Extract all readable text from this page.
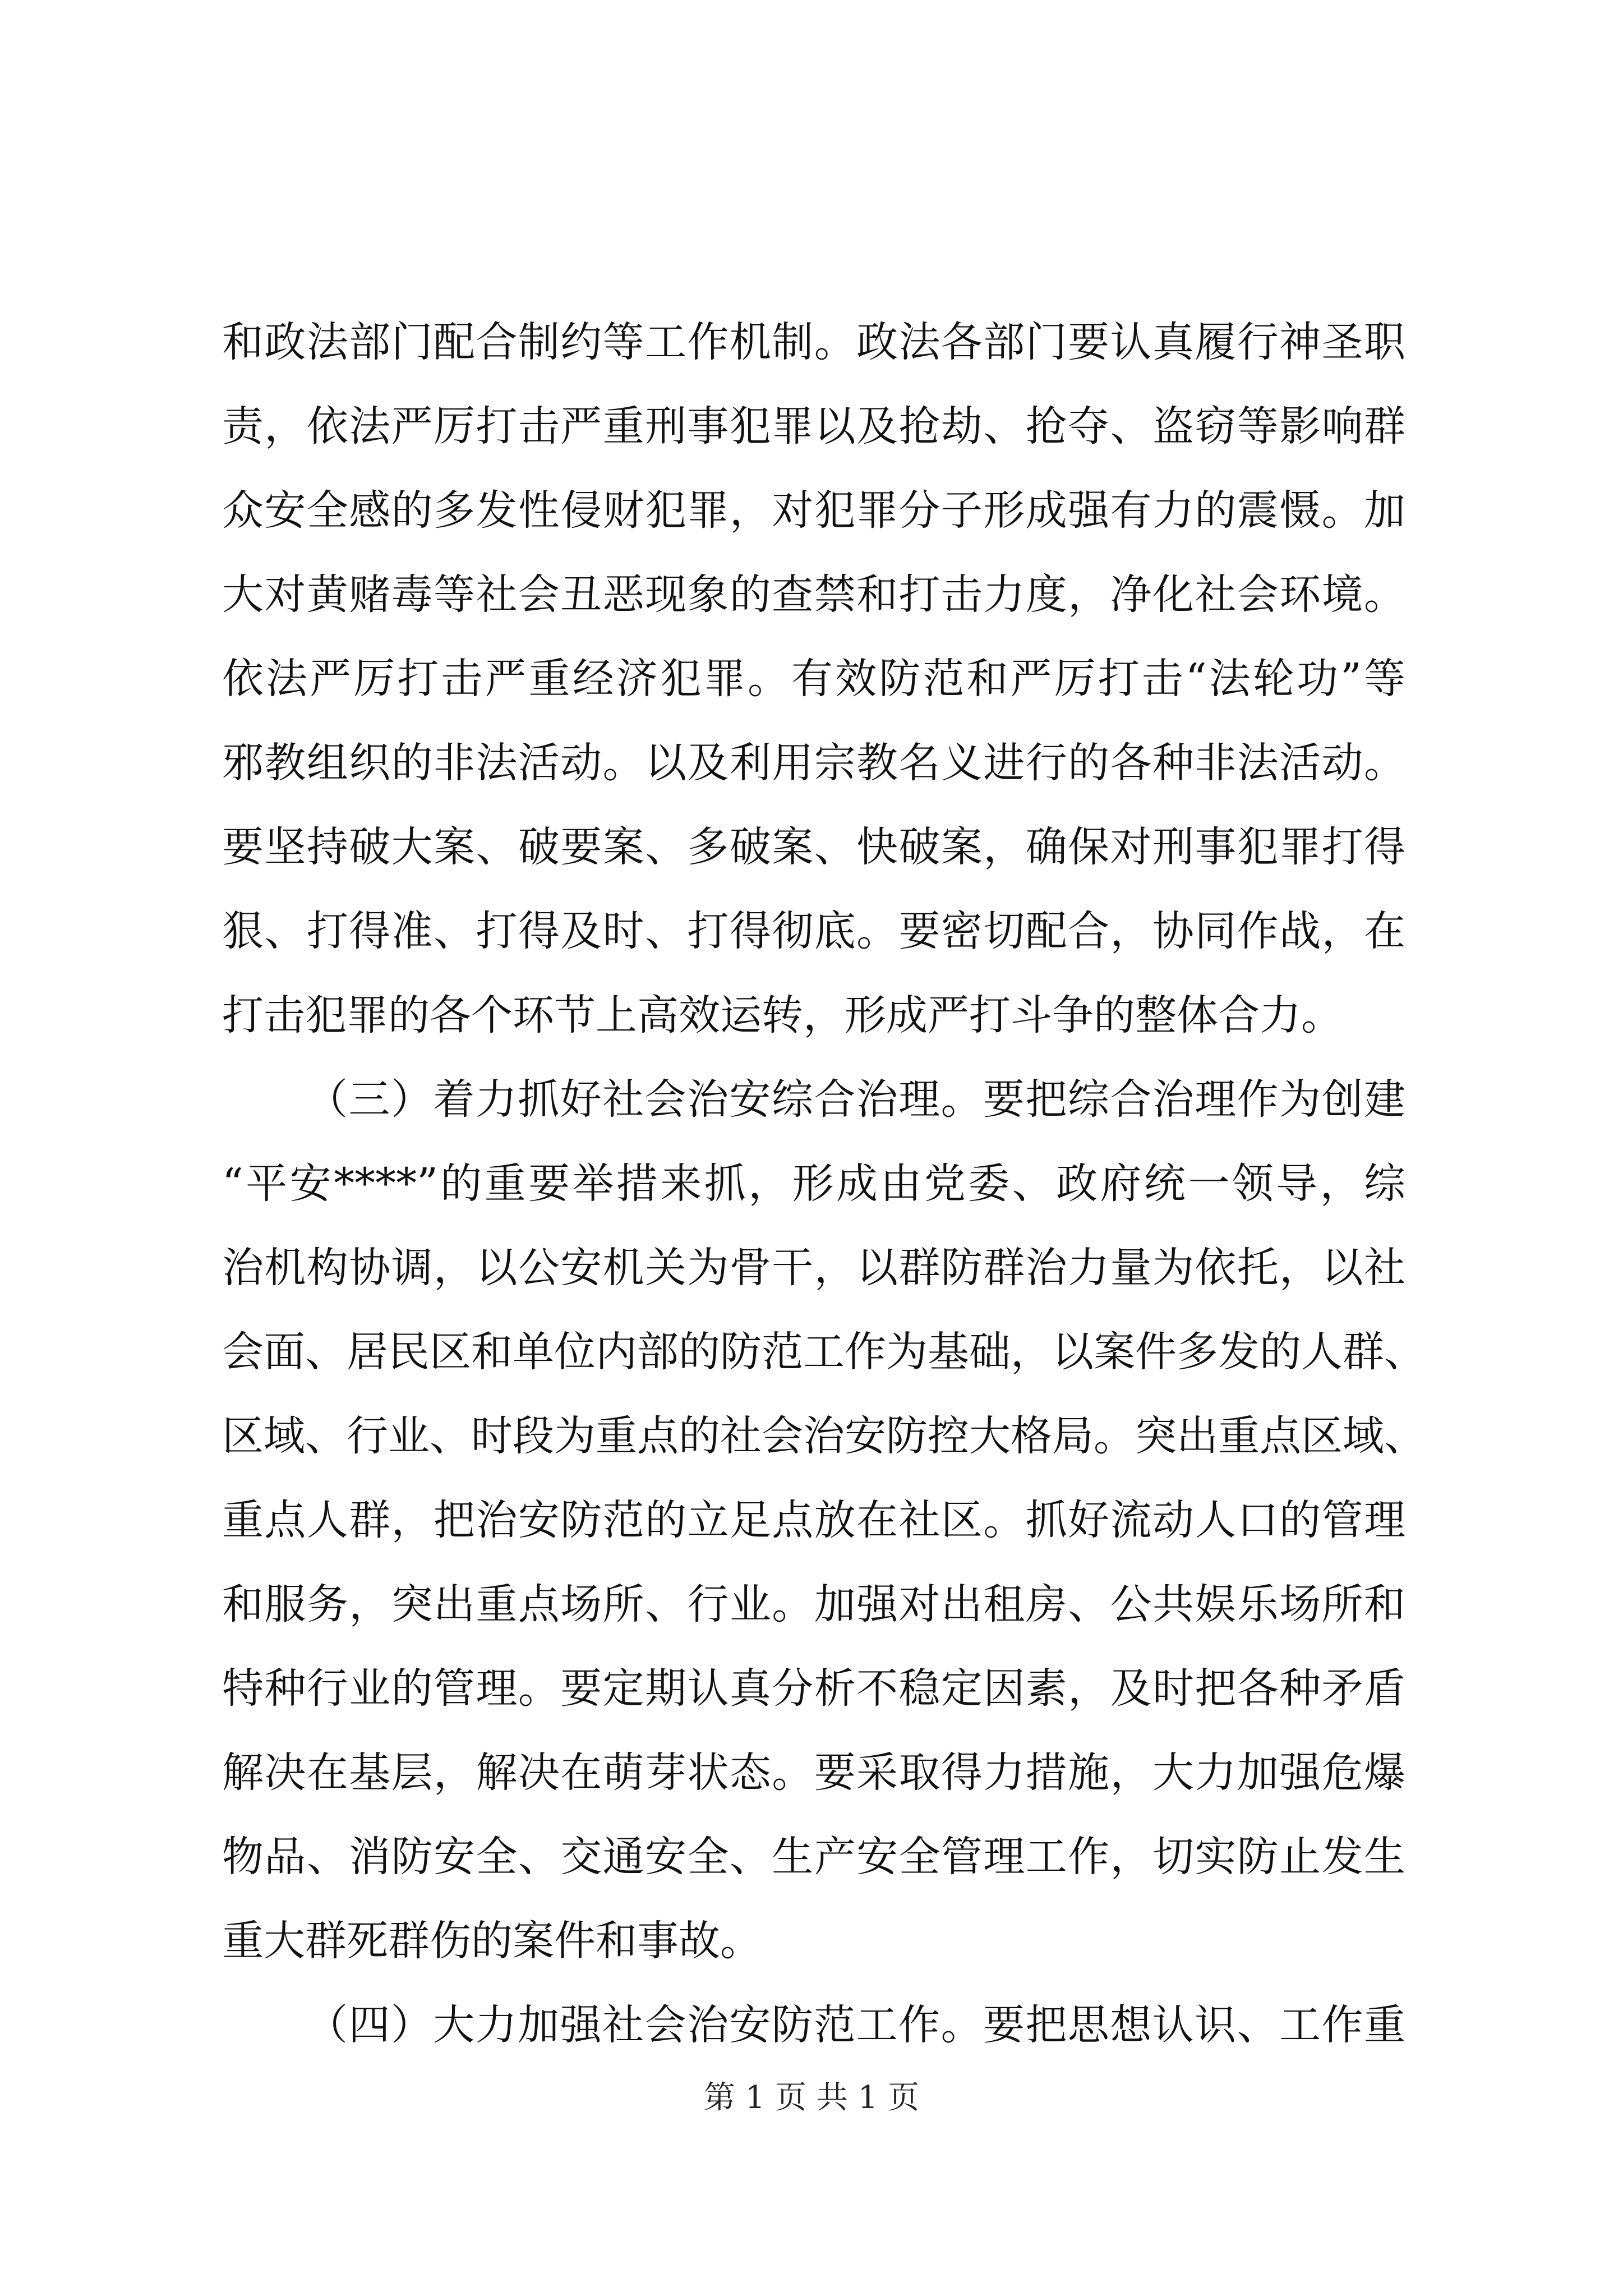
和政法部门配合制约等工作机制。政法各部门要认真履行神圣职
责，依法严厉打击严重刑事犯罪以及抢劫、抢夺、盗窃等影响群
众安全感的多发性侵财犯罪，对犯罪分子形成强有力的震慑。加
大对黄赌毒等社会丑恶现象的查禁和打击力度，净化社会环境。
依法严厉打击严重经济犯罪。有效防范和严厉打击“法轮功”等
邪教组织的非法活动。以及利用宗教名义进行的各种非法活动。
要坚持破大案、破要案、多破案、快破案，确保对刑事犯罪打得
狠、打得准、打得及时、打得彻底。要密切配合，协同作战，在
打击犯罪的各个环节上高效运转，形成严打斗争的整体合力。
（三）着力抓好社会治安综合治理。要把综合治理作为创建
“平安****”的重要举措来抓，形成由党委、政府统一领导，综
治机构协调，以公安机关为骨干，以群防群治力量为依托，以社
会面、居民区和单位内部的防范工作为基础，以案件多发的人群、
区域、行业、时段为重点的社会治安防控大格局。突出重点区域、
重点人群，把治安防范的立足点放在社区。抓好流动人口的管理
和服务，突出重点场所、行业。加强对出租房、公共娱乐场所和
特种行业的管理。要定期认真分析不稳定因素，及时把各种矛盾
解决在基层，解决在萌芽状态。要采取得力措施，大力加强危爆
物品、消防安全、交通安全、生产安全管理工作，切实防止发生
重大群死群伤的案件和事故。
（四）大力加强社会治安防范工作。要把思想认识、工作重
第 1 页 共 1 页
